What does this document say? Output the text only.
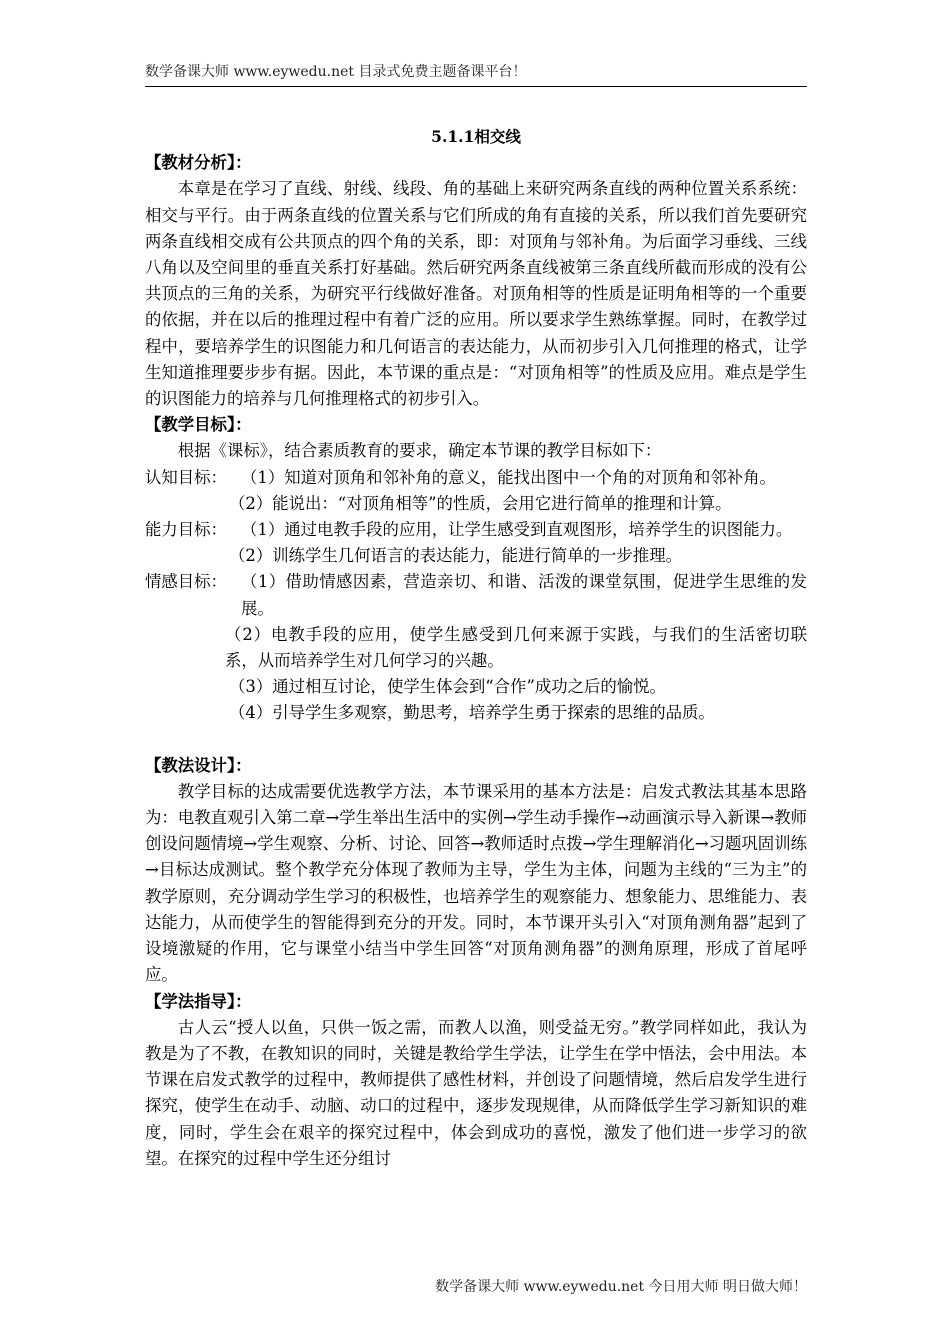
数学备课大师 www.eywedu.net 目录式免费主题备课平台！
5.1.1相交线
【教材分析】：

本章是在学习了直线、射线、线段、角的基础上来研究两条直线的两种位置关系系统：相交与平行。由于两条直线的位置关系与它们所成的角有直接的关系，所以我们首先要研究两条直线相交成有公共顶点的四个角的关系，即：对顶角与邻补角。为后面学习垂线、三线八角以及空间里的垂直关系打好基础。然后研究两条直线被第三条直线所截而形成的没有公共顶点的三角的关系，为研究平行线做好准备。对顶角相等的性质是证明角相等的一个重要的依据，并在以后的推理过程中有着广泛的应用。所以要求学生熟练掌握。同时，在教学过程中，要培养学生的识图能力和几何语言的表达能力，从而初步引入几何推理的格式，让学生知道推理要步步有据。因此，本节课的重点是：“对顶角相等”的性质及应用。难点是学生的识图能力的培养与几何推理格式的初步引入。

【教学目标】：

根据《课标》，结合素质教育的要求，确定本节课的教学目标如下：

认知目标： （1）知道对顶角和邻补角的意义，能找出图中一个角的对顶角和邻补角。

（2）能说出：“对顶角相等”的性质，会用它进行简单的推理和计算。

能力目标： （1）通过电教手段的应用，让学生感受到直观图形，培养学生的识图能力。

（2）训练学生几何语言的表达能力，能进行简单的一步推理。

情感目标： （1）借助情感因素，营造亲切、和谐、活泼的课堂氛围，促进学生思维的发展。
（2）电教手段的应用，使学生感受到几何来源于实践，与我们的生活密切联系，从而培养学生对几何学习的兴趣。

（3）通过相互讨论，使学生体会到“合作”成功之后的愉悦。

（4）引导学生多观察，勤思考，培养学生勇于探索的思维的品质。

【教法设计】：

教学目标的达成需要优选教学方法，本节课采用的基本方法是：启发式教法其基本思路为：电教直观引入第二章→学生举出生活中的实例→学生动手操作→动画演示导入新课→教师创设问题情境→学生观察、分析、讨论、回答→教师适时点拨→学生理解消化→习题巩固训练→目标达成测试。整个教学充分体现了教师为主导，学生为主体，问题为主线的“三为主”的教学原则，充分调动学生学习的积极性，也培养学生的观察能力、想象能力、思维能力、表达能力，从而使学生的智能得到充分的开发。同时，本节课开头引入“对顶角测角器”起到了设境激疑的作用，它与课堂小结当中学生回答“对顶角测角器”的测角原理，形成了首尾呼应。

【学法指导】：

古人云“授人以鱼，只供一饭之需，而教人以渔，则受益无穷。”教学同样如此，我认为教是为了不教，在教知识的同时，关键是教给学生学法，让学生在学中悟法，会中用法。本节课在启发式教学的过程中，教师提供了感性材料，并创设了问题情境，然后启发学生进行探究，使学生在动手、动脑、动口的过程中，逐步发现规律，从而降低学生学习新知识的难度，同时，学生会在艰辛的探究过程中，体会到成功的喜悦，激发了他们进一步学习的欲望。在探究的过程中学生还分组讨

数学备课大师 www.eywedu.net 今日用大师 明日做大师！
